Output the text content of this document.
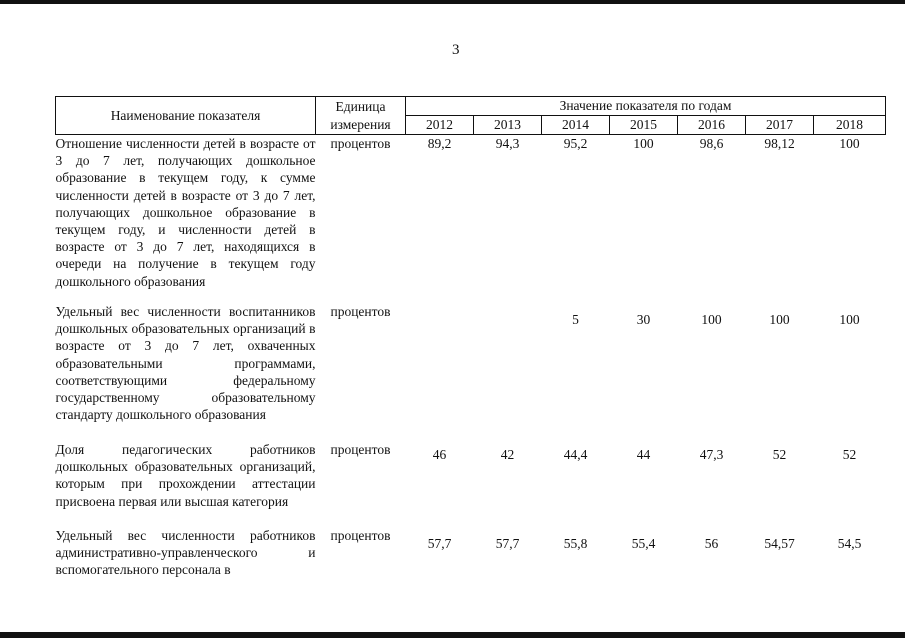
3
Наименование показателя	Единица измерения	Значение показателя по годам						
		2012	2013	2014	2015	2016	2017	2018
Отношение численности детей в возрасте от 3 до 7 лет, получающих дошкольное образование в текущем году, к сумме численности детей в возрасте от 3 до 7 лет, получающих дошкольное образование в текущем году, и численности детей в возрасте от 3 до 7 лет, находящихся в очереди на получение в текущем году дошкольного образования	процентов	89,2	94,3	95,2	100	98,6	98,12	100
Удельный вес численности воспитанников дошкольных образовательных организаций в возрасте от 3 до 7 лет, охваченных образовательными программами, соответствующими федеральному государственному образовательному стандарту дошкольного образования	процентов			5	30	100	100	100
Доля педагогических работников дошкольных образовательных организаций, которым при прохождении аттестации присвоена первая или высшая категория	процентов	46	42	44,4	44	47,3	52	52
Удельный вес численности работников административно-управленческого и вспомогательного персонала в	процентов	57,7	57,7	55,8	55,4	56	54,57	54,5
